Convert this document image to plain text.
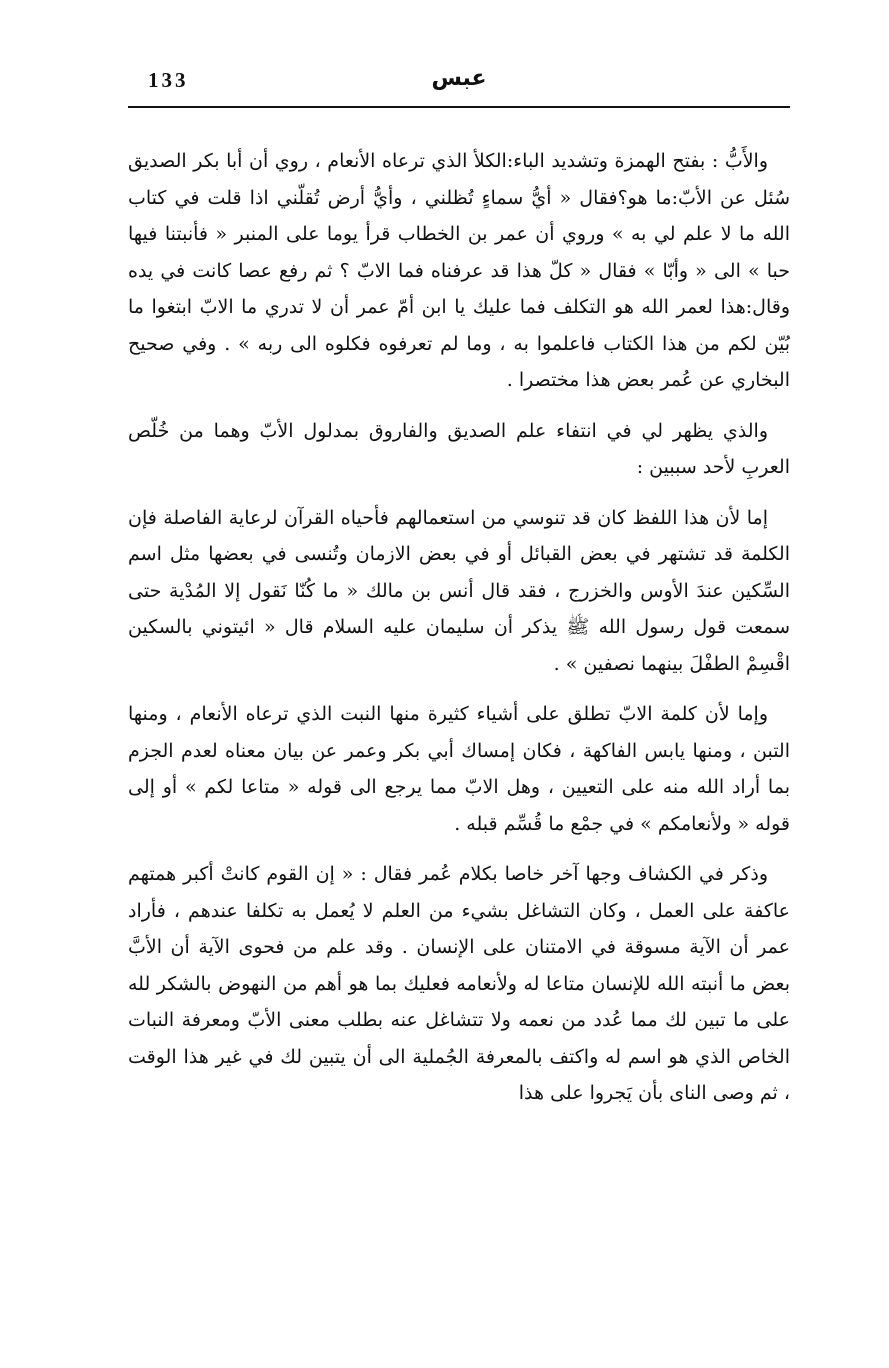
133	عبس

والأَبُّ : بفتح الهمزة وتشديد الباء:الكلأ الذي ترعاه الأنعام ، روي أن أبا بكر الصديق سُئل عن الأبّ:ما هو؟فقال « أيُّ سماءٍ تُظلني ، وأيُّ أرض تُقلّني اذا قلت في كتاب الله ما لا علم لي به » وروي أن عمر بن الخطاب قرأ يوما على المنبر « فأنبتنا فيها حبا » الى « وأبّا » فقال « كلّ هذا قد عرفناه فما الابّ ؟ ثم رفع عصا كانت في يده وقال:هذا لعمر الله هو التكلف فما عليك يا ابن أمّ عمر أن لا تدري ما الابّ ابتغوا ما بُيّن لكم من هذا الكتاب فاعلموا به ، وما لم تعرفوه فكلوه الى ربه » . وفي صحيح البخاري عن عُمر بعض هذا مختصرا .

والذي يظهر لي في انتفاء علم الصديق والفاروق بمدلول الأبّ وهما من خُلّص العربِ لأحد سببين :

إما لأن هذا اللفظ كان قد تنوسي من استعمالهم فأحياه القرآن لرعاية الفاصلة فإن الكلمة قد تشتهر في بعض القبائل أو في بعض الازمان وتُنسى في بعضها مثل اسم السِّكين عندَ الأوس والخزرج ، فقد قال أنس بن مالك « ما كُنّا نَقول إلا المُدْية حتى سمعت قول رسول الله ﷺ يذكر أن سليمان عليه السلام قال « ائيتوني بالسكين اقْسِمْ الطفْلَ بينهما نصفين » .

وإما لأن كلمة الابّ تطلق على أشياء كثيرة منها النبت الذي ترعاه الأنعام ، ومنها التبن ، ومنها يابس الفاكهة ، فكان إمساك أبي بكر وعمر عن بيان معناه لعدم الجزم بما أراد الله منه على التعيين ، وهل الابّ مما يرجع الى قوله « متاعا لكم » أو إلى قوله « ولأنعامكم » في جمْع ما قُسِّم قبله .

وذكر في الكشاف وجها آخر خاصا بكلام عُمر فقال : « إن القوم كانتْ أكبر همتهم عاكفة على العمل ، وكان التشاغل بشيء من العلم لا يُعمل به تكلفا عندهم ، فأراد عمر أن الآية مسوقة في الامتنان على الإنسان . وقد علم من فحوى الآية أن الأبَّ بعض ما أنبته الله للإنسان متاعا له ولأنعامه فعليك بما هو أهم من النهوض بالشكر لله على ما تبين لك مما عُدد من نعمه ولا تتشاغل عنه بطلب معنى الأبّ ومعرفة النبات الخاص الذي هو اسم له واكتف بالمعرفة الجُملية الى أن يتبين لك في غير هذا الوقت ، ثم وصى الناى بأن يَجروا على هذا
